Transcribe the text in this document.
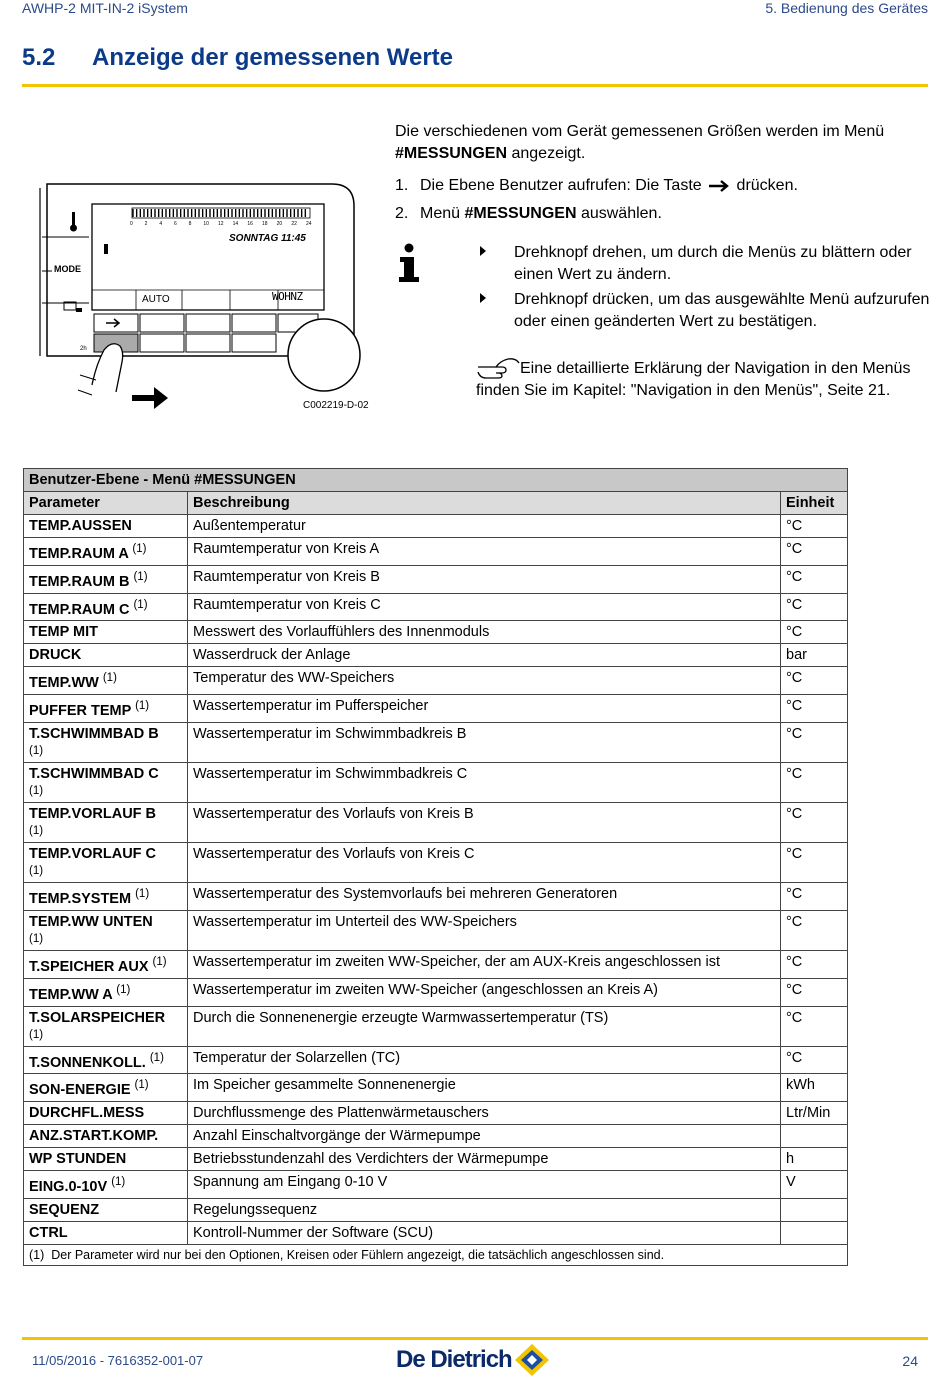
AWHP-2 MIT-IN-2 iSystem	5. Bedienung des Gerätes
5.2 Anzeige der gemessenen Werte
MODE
2h
0 2 4 6 8 10 12 14 16 18 20 22 24
SONNTAG 11:45
AUTO	WOHNZ
C002219-D-02

Die verschiedenen vom Gerät gemessenen Größen werden im Menü #MESSUNGEN angezeigt.

1. Die Ebene Benutzer aufrufen: Die Taste  drücken.
2. Menü #MESSUNGEN auswählen.
Drehknopf drehen, um durch die Menüs zu blättern oder einen Wert zu ändern.
Drehknopf drücken, um das ausgewählte Menü aufzurufen oder einen geänderten Wert zu bestätigen.
Eine detaillierte Erklärung der Navigation in den Menüs finden Sie im Kapitel: "Navigation in den Menüs", Seite 21.
Benutzer-Ebene - Menü #MESSUNGEN		
Parameter	Beschreibung	Einheit
TEMP.AUSSEN	Außentemperatur	°C
TEMP.RAUM A $^{(1)}$	Raumtemperatur von Kreis A	°C
TEMP.RAUM B $^{(1)}$	Raumtemperatur von Kreis B	°C
TEMP.RAUM C $^{(1)}$	Raumtemperatur von Kreis C	°C
TEMP MIT	Messwert des Vorlauffühlers des Innenmoduls	°C
DRUCK	Wasserdruck der Anlage	bar
TEMP.WW $^{(1)}$	Temperatur des WW-Speichers	°C
PUFFER TEMP $^{(1)}$	Wassertemperatur im Pufferspeicher	°C
T.SCHWIMMBAD B
(1)	Wassertemperatur im Schwimmbadkreis B	°C
T.SCHWIMMBAD C
(1)	Wassertemperatur im Schwimmbadkreis C	°C
TEMP.VORLAUF B
(1)	Wassertemperatur des Vorlaufs von Kreis B	°C
TEMP.VORLAUF C
(1)	Wassertemperatur des Vorlaufs von Kreis C	°C
TEMP.SYSTEM $^{(1)}$	Wassertemperatur des Systemvorlaufs bei mehreren Generatoren	°C
TEMP.WW UNTEN
(1)	Wassertemperatur im Unterteil des WW-Speichers	°C
T.SPEICHER AUX $^{(1)}$	Wassertemperatur im zweiten WW-Speicher, der am AUX-Kreis angeschlossen ist	°C
TEMP.WW A $^{(1)}$	Wassertemperatur im zweiten WW-Speicher (angeschlossen an Kreis A)	°C
T.SOLARSPEICHER
(1)	Durch die Sonnenenergie erzeugte Warmwassertemperatur (TS)	°C
T.SONNENKOLL. $^{(1)}$	Temperatur der Solarzellen (TC)	°C
SON-ENERGIE $^{(1)}$	Im Speicher gesammelte Sonnenenergie	kWh
DURCHFL.MESS	Durchflussmenge des Plattenwärmetauschers	Ltr/Min
ANZ.START.KOMP.	Anzahl Einschaltvorgänge der Wärmepumpe	
WP STUNDEN	Betriebsstundenzahl des Verdichters der Wärmepumpe	h
EING.0-10V $^{(1)}$	Spannung am Eingang 0-10 V	V
SEQUENZ	Regelungssequenz	
CTRL	Kontroll-Nummer der Software (SCU)	
(1) Der Parameter wird nur bei den Optionen, Kreisen oder Fühlern angezeigt, die tatsächlich angeschlossen sind.		
11/05/2016 - 7616352-001-07	De Dietrich	24
